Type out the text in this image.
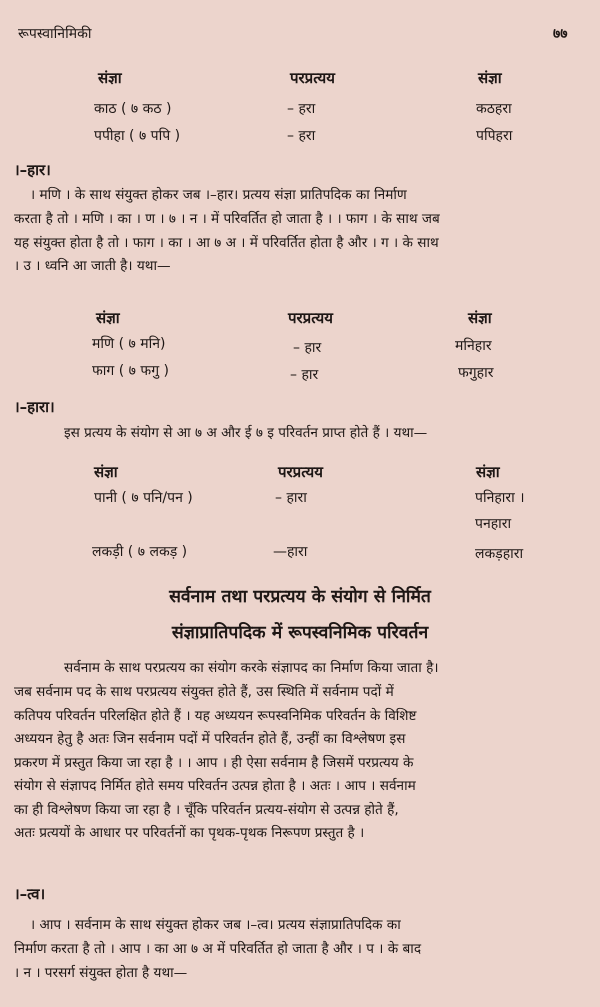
रूपस्वानिमिकी	७७
संज्ञा	परप्रत्यय	संज्ञा
काठ ( ७ कठ )	– हरा	कठहरा
पपीहा ( ७ पपि )	– हरा	पपिहरा
।–हार।
। मणि । के साथ संयुक्त होकर जब ।–हार। प्रत्यय संज्ञा प्रातिपदिक का निर्माण
करता है तो । मणि । का । ण । ७ । न । में परिवर्तित हो जाता है । । फाग । के साथ जब
यह संयुक्त होता है तो । फाग । का । आ ७ अ । में परिवर्तित होता है और । ग । के साथ
। उ । ध्वनि आ जाती है। यथा—
संज्ञा	परप्रत्यय	संज्ञा
मणि ( ७ मनि)	– हार	मनिहार
फाग ( ७ फगु )	– हार	फगुहार
।–हारा।
इस प्रत्यय के संयोग से आ ७ अ और ई ७ इ परिवर्तन प्राप्त होते हैं । यथा—
संज्ञा	परप्रत्यय	संज्ञा
पानी ( ७ पनि/पन )	– हारा	पनिहारा ।
पनहारा
लकड़ी ( ७ लकड़ )	—हारा	लकड़हारा
सर्वनाम तथा परप्रत्यय के संयोग से निर्मित
संज्ञाप्रातिपदिक में रूपस्वनिमिक परिवर्तन
सर्वनाम के साथ परप्रत्यय का संयोग करके संज्ञापद का निर्माण किया जाता है।
जब सर्वनाम पद के साथ परप्रत्यय संयुक्त होते हैं, उस स्थिति में सर्वनाम पदों में
कतिपय परिवर्तन परिलक्षित होते हैं । यह अध्ययन रूपस्वनिमिक परिवर्तन के विशिष्ट
अध्ययन हेतु है अतः जिन सर्वनाम पदों में परिवर्तन होते हैं, उन्हीं का विश्लेषण इस
प्रकरण में प्रस्तुत किया जा रहा है । । आप । ही ऐसा सर्वनाम है जिसमें परप्रत्यय के
संयोग से संज्ञापद निर्मित होते समय परिवर्तन उत्पन्न होता है । अतः । आप । सर्वनाम
का ही विश्लेषण किया जा रहा है । चूँकि परिवर्तन प्रत्यय-संयोग से उत्पन्न होते हैं,
अतः प्रत्ययों के आधार पर परिवर्तनों का पृथक-पृथक निरूपण प्रस्तुत है ।
।–त्व।
। आप । सर्वनाम के साथ संयुक्त होकर जब ।–त्व। प्रत्यय संज्ञाप्रातिपदिक का
निर्माण करता है तो । आप । का आ ७ अ में परिवर्तित हो जाता है और । प । के बाद
। न । परसर्ग संयुक्त होता है यथा—
